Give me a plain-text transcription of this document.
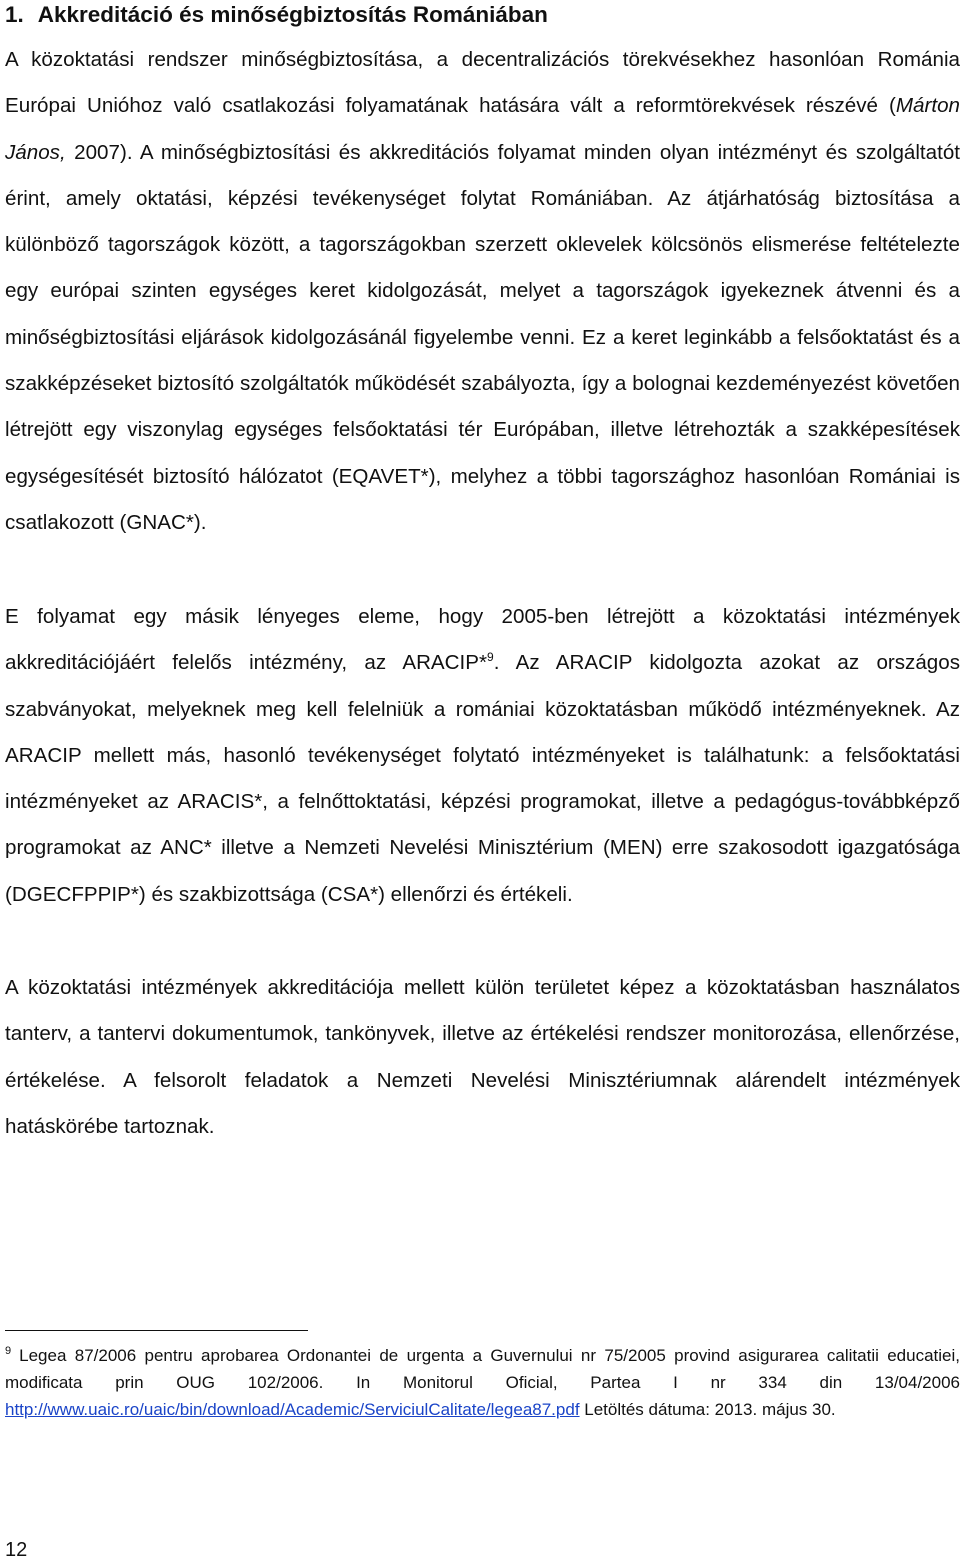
1. Akkreditáció és minőségbiztosítás Romániában

A közoktatási rendszer minőségbiztosítása, a decentralizációs törekvésekhez hasonlóan Románia Európai Unióhoz való csatlakozási folyamatának hatására vált a reformtörekvések részévé (Márton János, 2007). A minőségbiztosítási és akkreditációs folyamat minden olyan intézményt és szolgáltatót érint, amely oktatási, képzési tevékenységet folytat Romániában. Az átjárhatóság biztosítása a különböző tagországok között, a tagországokban szerzett oklevelek kölcsönös elismerése feltételezte egy európai szinten egységes keret kidolgozását, melyet a tagországok igyekeznek átvenni és a minőségbiztosítási eljárások kidolgozásánál figyelembe venni. Ez a keret leginkább a felsőoktatást és a szakképzéseket biztosító szolgáltatók működését szabályozta, így a bolognai kezdeményezést követően létrejött egy viszonylag egységes felsőoktatási tér Európában, illetve létrehozták a szakképesítések egységesítését biztosító hálózatot (EQAVET*), melyhez a többi tagországhoz hasonlóan Romániai is csatlakozott (GNAC*).

E folyamat egy másik lényeges eleme, hogy 2005-ben létrejött a közoktatási intézmények akkreditációjáért felelős intézmény, az ARACIP*$^9$. Az ARACIP kidolgozta azokat az országos szabványokat, melyeknek meg kell felelniük a romániai közoktatásban működő intézményeknek. Az ARACIP mellett más, hasonló tevékenységet folytató intézményeket is találhatunk: a felsőoktatási intézményeket az ARACIS*, a felnőttoktatási, képzési programokat, illetve a pedagógus-továbbképző programokat az ANC* illetve a Nemzeti Nevelési Minisztérium (MEN) erre szakosodott igazgatósága (DGECFPPIP*) és szakbizottsága (CSA*) ellenőrzi és értékeli.

A közoktatási intézmények akkreditációja mellett külön területet képez a közoktatásban használatos tanterv, a tantervi dokumentumok, tankönyvek, illetve az értékelési rendszer monitorozása, ellenőrzése, értékelése. A felsorolt feladatok a Nemzeti Nevelési Minisztériumnak alárendelt intézmények hatáskörébe tartoznak.

$^9$ Legea 87/2006 pentru aprobarea Ordonantei de urgenta a Guvernului nr 75/2005 provind asigurarea calitatii educatiei, modificata prin OUG 102/2006. In Monitorul Oficial, Partea I nr 334 din 13/04/2006 http://www.uaic.ro/uaic/bin/download/Academic/ServiciulCalitate/legea87.pdf Letöltés dátuma: 2013. május 30.

12
